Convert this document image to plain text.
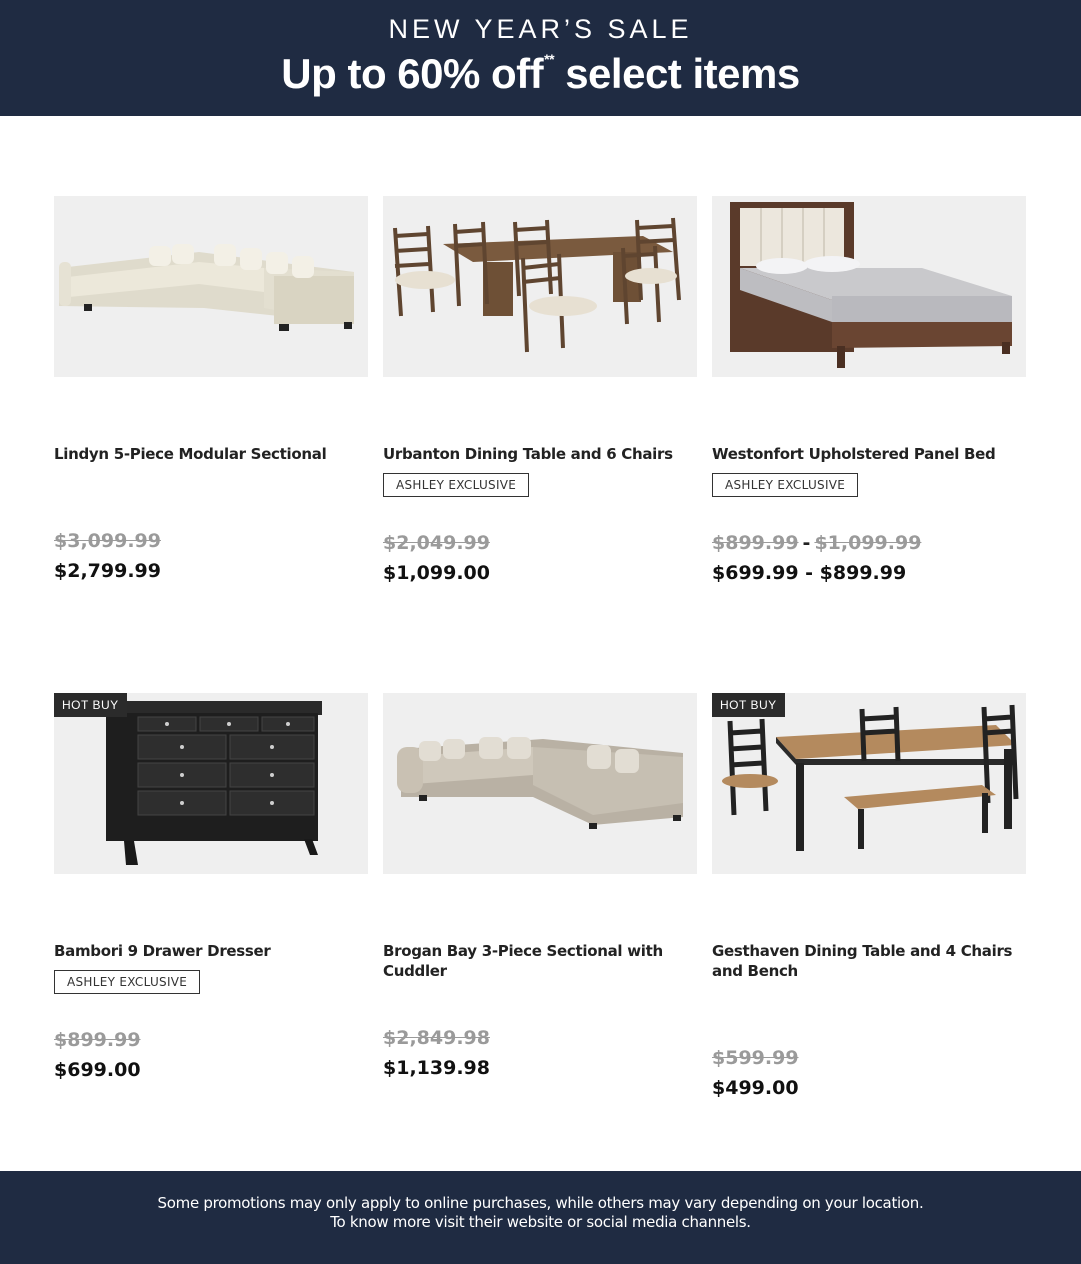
NEW YEAR’S SALE
Up to 60% off** select items
Lindyn 5-Piece Modular Sectional
$3,099.99
$2,799.99
Urbanton Dining Table and 6 Chairs
ASHLEY EXCLUSIVE
$2,049.99
$1,099.00
Westonfort Upholstered Panel Bed
ASHLEY EXCLUSIVE
$899.99 - $1,099.99
$699.99 - $899.99
HOT BUY
Bambori 9 Drawer Dresser
ASHLEY EXCLUSIVE
$899.99
$699.00
Brogan Bay 3-Piece Sectional with Cuddler
$2,849.98
$1,139.98
HOT BUY
Gesthaven Dining Table and 4 Chairs and Bench
$599.99
$499.00
Some promotions may only apply to online purchases, while others may vary depending on your location.
To know more visit their website or social media channels.
